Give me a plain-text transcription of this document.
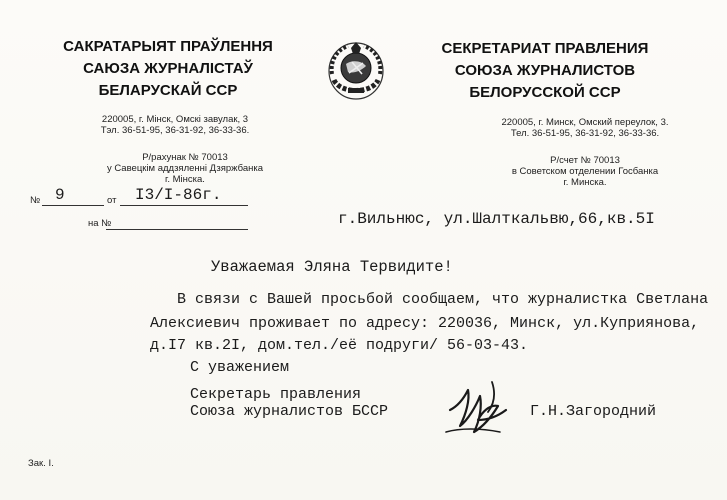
САКРАТАРЫЯТ ПРАЎЛЕННЯ
САЮЗА ЖУРНАЛІСТАЎ
БЕЛАРУСКАЙ ССР
СЕКРЕТАРИАТ ПРАВЛЕНИЯ
СОЮЗА ЖУРНАЛИСТОВ
БЕЛОРУССКОЙ ССР
220005, г. Мінск, Омскі завулак, 3
Тэл. 36-51-95, 36-31-92, 36-33-36.
220005, г. Минск, Омский переулок, 3.
Тел. 36-51-95, 36-31-92, 36-33-36.
Р/рахунак № 70013
у Савецкім аддзяленні Дзяржбанка
г. Мінска.
Р/счет № 70013
в Советском отделении Госбанка
г. Минска.
№ 9	от I3/I-86г.
на №	г.Вильнюс, ул.Шалткальвю,66,кв.5I
Уважаемая Эляна Тервидите!
В связи с Вашей просьбой сообщаем, что журналистка Светлана
Алексиевич проживает по адресу: 220036, Минск, ул.Куприянова,
д.I7 кв.2I, дом.тел./её подруги/ 56-03-43.
С уважением
Секретарь правления
Союза журналистов БССР	Г.Н.Загородний
Зак. I.
